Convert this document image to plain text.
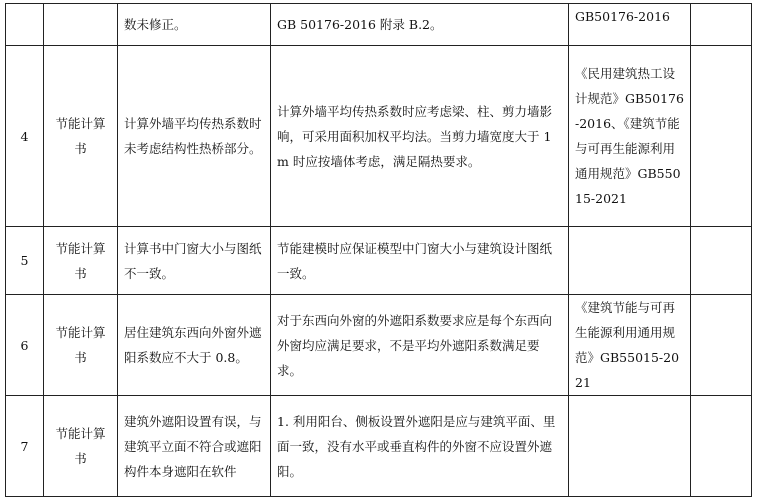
		数未修正。	GB 50176-2016 附录 B.2。	GB50176-2016	

4	节能计算书	计算外墙平均传热系数时未考虑结构性热桥部分。	计算外墙平均传热系数时应考虑梁、柱、剪力墙影响，可采用面积加权平均法。当剪力墙宽度大于 1m 时应按墙体考虑，满足隔热要求。	《民用建筑热工设计规范》GB50176-2016、《建筑节能与可再生能源利用通用规范》GB55015-2021	

5	节能计算书	计算书中门窗大小与图纸不一致。	节能建模时应保证模型中门窗大小与建筑设计图纸一致。		

6	节能计算书	居住建筑东西向外窗外遮阳系数应不大于 0.8。	对于东西向外窗的外遮阳系数要求应是每个东西向外窗均应满足要求，不是平均外遮阳系数满足要求。	《建筑节能与可再生能源利用通用规范》GB55015-2021	

7	节能计算书	建筑外遮阳设置有误，与建筑平立面不符合或遮阳构件本身遮阳在软件	1. 利用阳台、侧板设置外遮阳是应与建筑平面、里面一致，没有水平或垂直构件的外窗不应设置外遮阳。		
